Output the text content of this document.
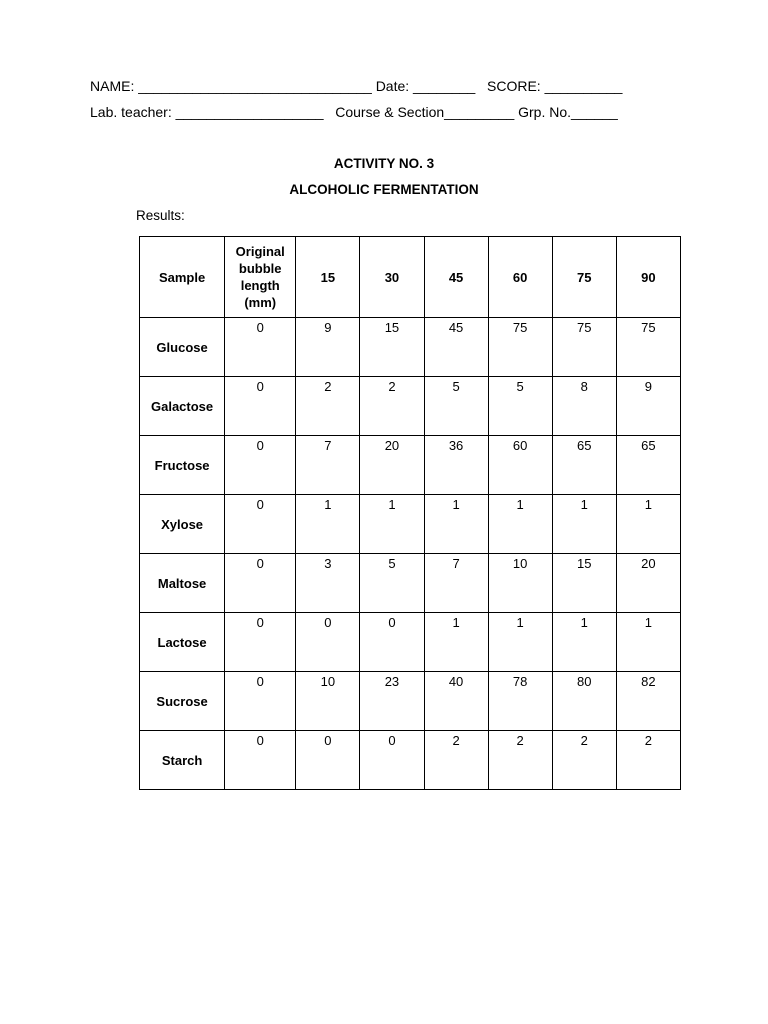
NAME: ______________________________ Date: ________   SCORE: __________
Lab. teacher: ___________________   Course & Section_________ Grp. No.______
ACTIVITY NO. 3
ALCOHOLIC FERMENTATION
Results:
Sample	Original
bubble
length
(mm)	15	30	45	60	75	90
Glucose	0	9	15	45	75	75	75
Galactose	0	2	2	5	5	8	9
Fructose	0	7	20	36	60	65	65
Xylose	0	1	1	1	1	1	1
Maltose	0	3	5	7	10	15	20
Lactose	0	0	0	1	1	1	1
Sucrose	0	10	23	40	78	80	82
Starch	0	0	0	2	2	2	2
